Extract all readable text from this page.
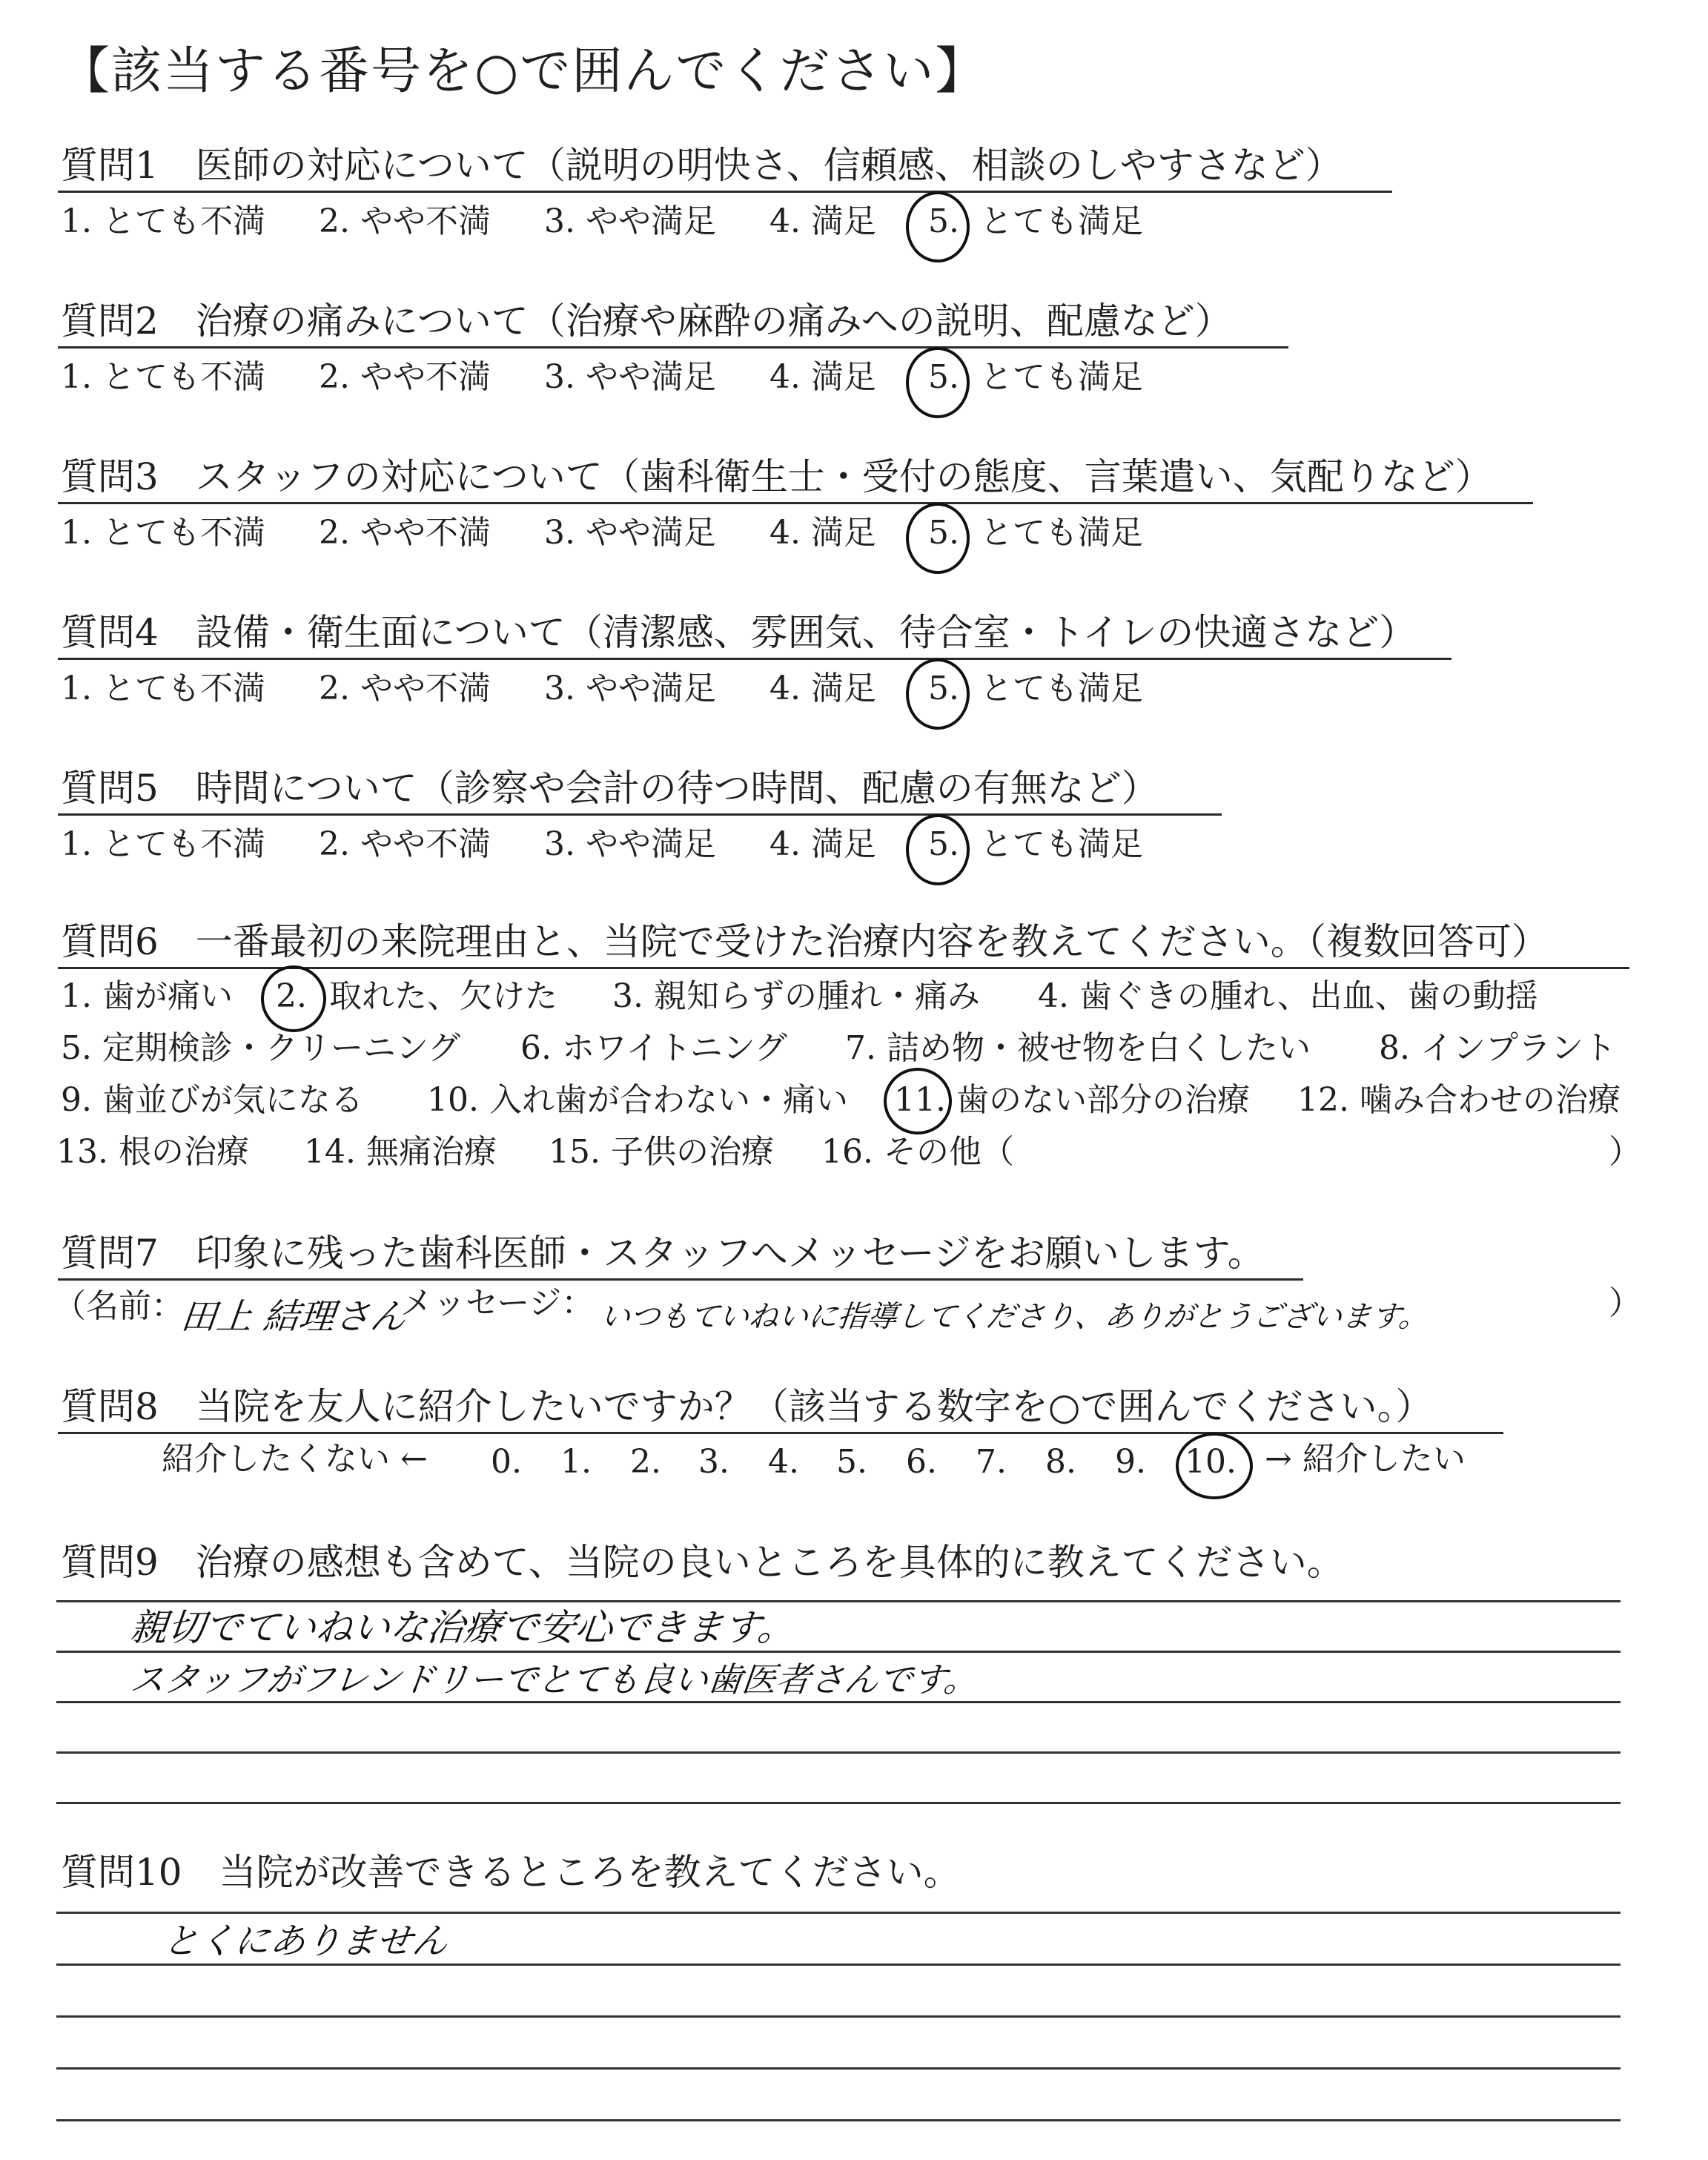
【該当する番号を○で囲んでください】
質問1　医師の対応について（説明の明快さ、信頼感、相談のしやすさなど）
1. とても不満 2. やや不満 3. やや満足 4. 満足 5. とても満足
質問2　治療の痛みについて（治療や麻酔の痛みへの説明、配慮など）
1. とても不満 2. やや不満 3. やや満足 4. 満足 5. とても満足
質問3　スタッフの対応について（歯科衛生士・受付の態度、言葉遣い、気配りなど）
1. とても不満 2. やや不満 3. やや満足 4. 満足 5. とても満足
質問4　設備・衛生面について（清潔感、雰囲気、待合室・トイレの快適さなど）
1. とても不満 2. やや不満 3. やや満足 4. 満足 5. とても満足
質問5　時間について（診察や会計の待つ時間、配慮の有無など）
1. とても不満 2. やや不満 3. やや満足 4. 満足 5. とても満足
質問6　一番最初の来院理由と、当院で受けた治療内容を教えてください。（複数回答可）
1. 歯が痛い 2. 取れた、欠けた 3. 親知らずの腫れ・痛み 4. 歯ぐきの腫れ、出血、歯の動揺
5. 定期検診・クリーニング 6. ホワイトニング 7. 詰め物・被せ物を白くしたい 8. インプラント
9. 歯並びが気になる 10. 入れ歯が合わない・痛い 11. 歯のない部分の治療 12. 噛み合わせの治療
13. 根の治療 14. 無痛治療 15. 子供の治療 16. その他（	）
質問7　印象に残った歯科医師・スタッフへメッセージをお願いします。
（名前：
田上 結理さん
メッセージ： いつもていねいに指導してくださり、ありがとうございます。	）
質問8　当院を友人に紹介したいですか？（該当する数字を○で囲んでください。）
紹介したくない ← 0. 1. 2. 3. 4. 5. 6. 7. 8. 9. 10. → 紹介したい
質問9　治療の感想も含めて、当院の良いところを具体的に教えてください。
親切でていねいな治療で安心できます。
スタッフがフレンドリーでとても良い歯医者さんです。
質問10　当院が改善できるところを教えてください。
とくにありません
